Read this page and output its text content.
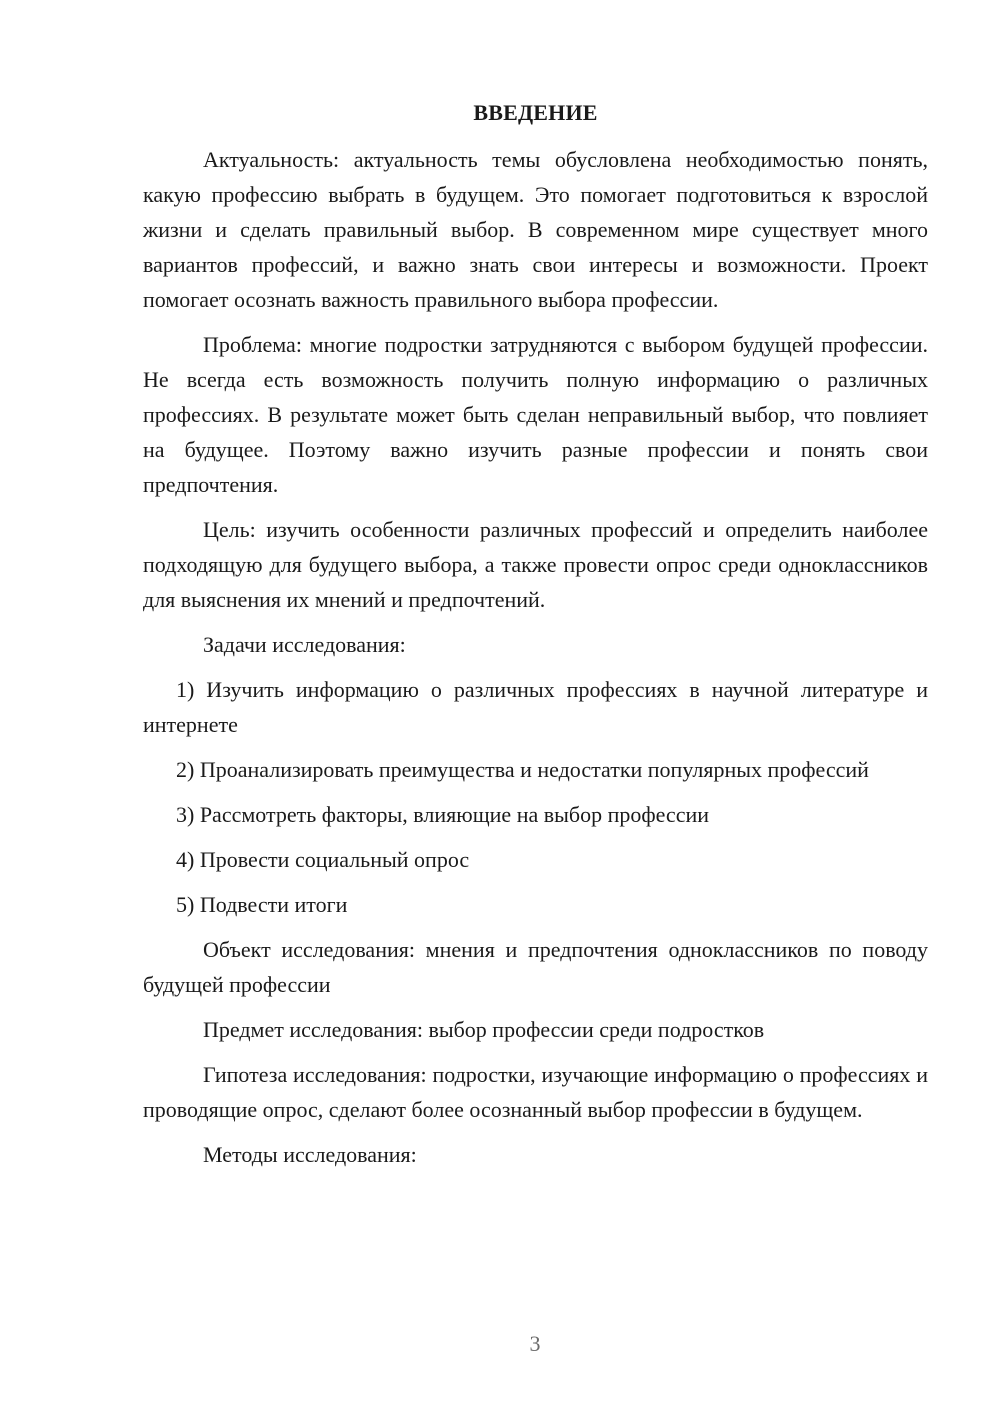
ВВЕДЕНИЕ

Актуальность: актуальность темы обусловлена необходимостью понять, какую профессию выбрать в будущем. Это помогает подготовиться к взрослой жизни и сделать правильный выбор. В современном мире существует много вариантов профессий, и важно знать свои интересы и возможности. Проект помогает осознать важность правильного выбора профессии.

Проблема: многие подростки затрудняются с выбором будущей профессии. Не всегда есть возможность получить полную информацию о различных профессиях. В результате может быть сделан неправильный выбор, что повлияет на будущее. Поэтому важно изучить разные профессии и понять свои предпочтения.

Цель: изучить особенности различных профессий и определить наиболее подходящую для будущего выбора, а также провести опрос среди одноклассников для выяснения их мнений и предпочтений.

Задачи исследования:

1) Изучить информацию о различных профессиях в научной литературе и интернете

2) Проанализировать преимущества и недостатки популярных профессий

3) Рассмотреть факторы, влияющие на выбор профессии

4) Провести социальный опрос

5) Подвести итоги

Объект исследования: мнения и предпочтения одноклассников по поводу будущей профессии

Предмет исследования: выбор профессии среди подростков

Гипотеза исследования: подростки, изучающие информацию о профессиях и проводящие опрос, сделают более осознанный выбор профессии в будущем.

Методы исследования:

3
